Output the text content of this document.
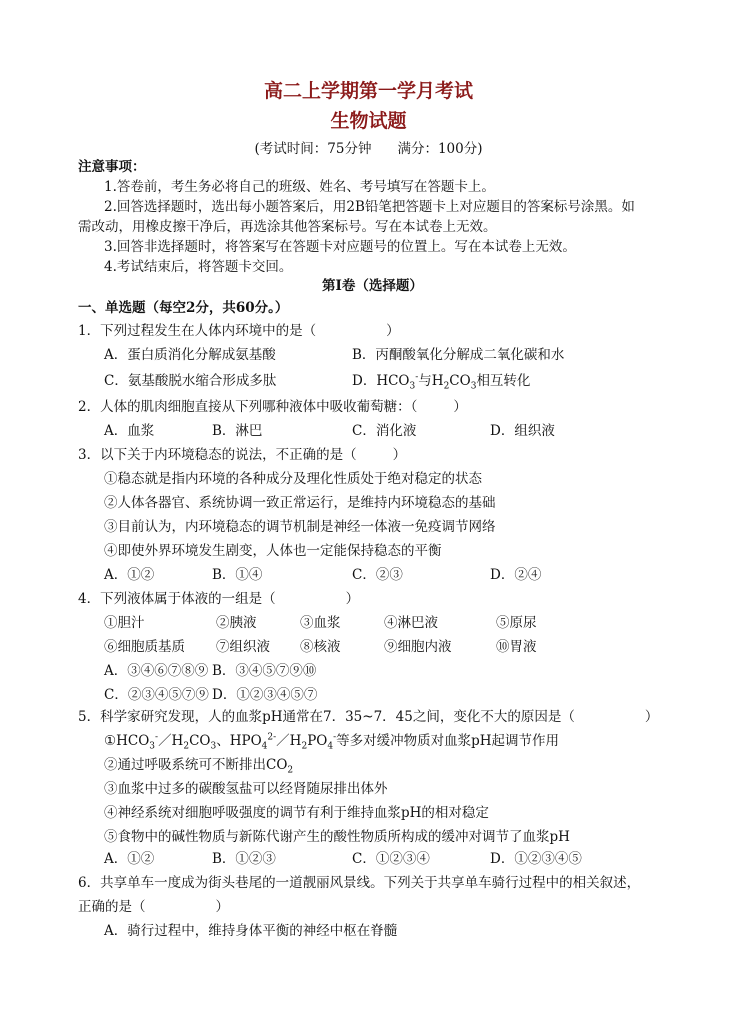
高二上学期第一学月考试
生物试题
(考试时间：75分钟 满分：100分)
注意事项：
1.答卷前，考生务必将自己的班级、姓名、考号填写在答题卡上。
2.回答选择题时，选出每小题答案后，用2B铅笔把答题卡上对应题目的答案标号涂黑。如
需改动，用橡皮擦干净后，再选涂其他答案标号。写在本试卷上无效。
3.回答非选择题时，将答案写在答题卡对应题号的位置上。写在本试卷上无效。
4.考试结束后，将答题卡交回。
第I卷（选择题）
一、单选题（每空2分，共60分。）
1．下列过程发生在人体内环境中的是（	）
A．蛋白质消化分解成氨基酸	B．丙酮酸氧化分解成二氧化碳和水
C．氨基酸脱水缩合形成多肽	D．$HCO_3^-$与$H_2CO_3$相互转化
2．人体的肌肉细胞直接从下列哪种液体中吸收葡萄糖：（	）
A．血浆	B．淋巴	C．消化液	D．组织液
3．以下关于内环境稳态的说法，不正确的是（	）
①稳态就是指内环境的各种成分及理化性质处于绝对稳定的状态
②人体各器官、系统协调一致正常运行，是维持内环境稳态的基础
③目前认为，内环境稳态的调节机制是神经一体液一免疫调节网络
④即使外界环境发生剧变，人体也一定能保持稳态的平衡
A．①②	B．①④	C．②③	D．②④
4．下列液体属于体液的一组是（	）
①胆汁	②胰液	③血浆	④淋巴液	⑤原尿
⑥细胞质基质 ⑦组织液 ⑧核液	⑨细胞内液	⑩胃液
A．③④⑥⑦⑧⑨ B．③④⑤⑦⑨⑩
C．②③④⑤⑦⑨ D．①②③④⑤⑦
5．科学家研究发现，人的血浆pH通常在7．35~7．45之间，变化不大的原因是（	）
$①HCO_3^-/H_2CO_3$、$HPO_4^{2-}/H_2PO_4^-$等多对缓冲物质对血浆pH起调节作用
②通过呼吸系统可不断排出$CO_2$
③血浆中过多的碳酸氢盐可以经肾随尿排出体外
④神经系统对细胞呼吸强度的调节有利于维持血浆pH的相对稳定
⑤食物中的碱性物质与新陈代谢产生的酸性物质所构成的缓冲对调节了血浆pH
A．①②	B．①②③	C．①②③④	D．①②③④⑤
6．共享单车一度成为街头巷尾的一道靓丽风景线。下列关于共享单车骑行过程中的相关叙述，
正确的是（	）
A．骑行过程中，维持身体平衡的神经中枢在脊髓
